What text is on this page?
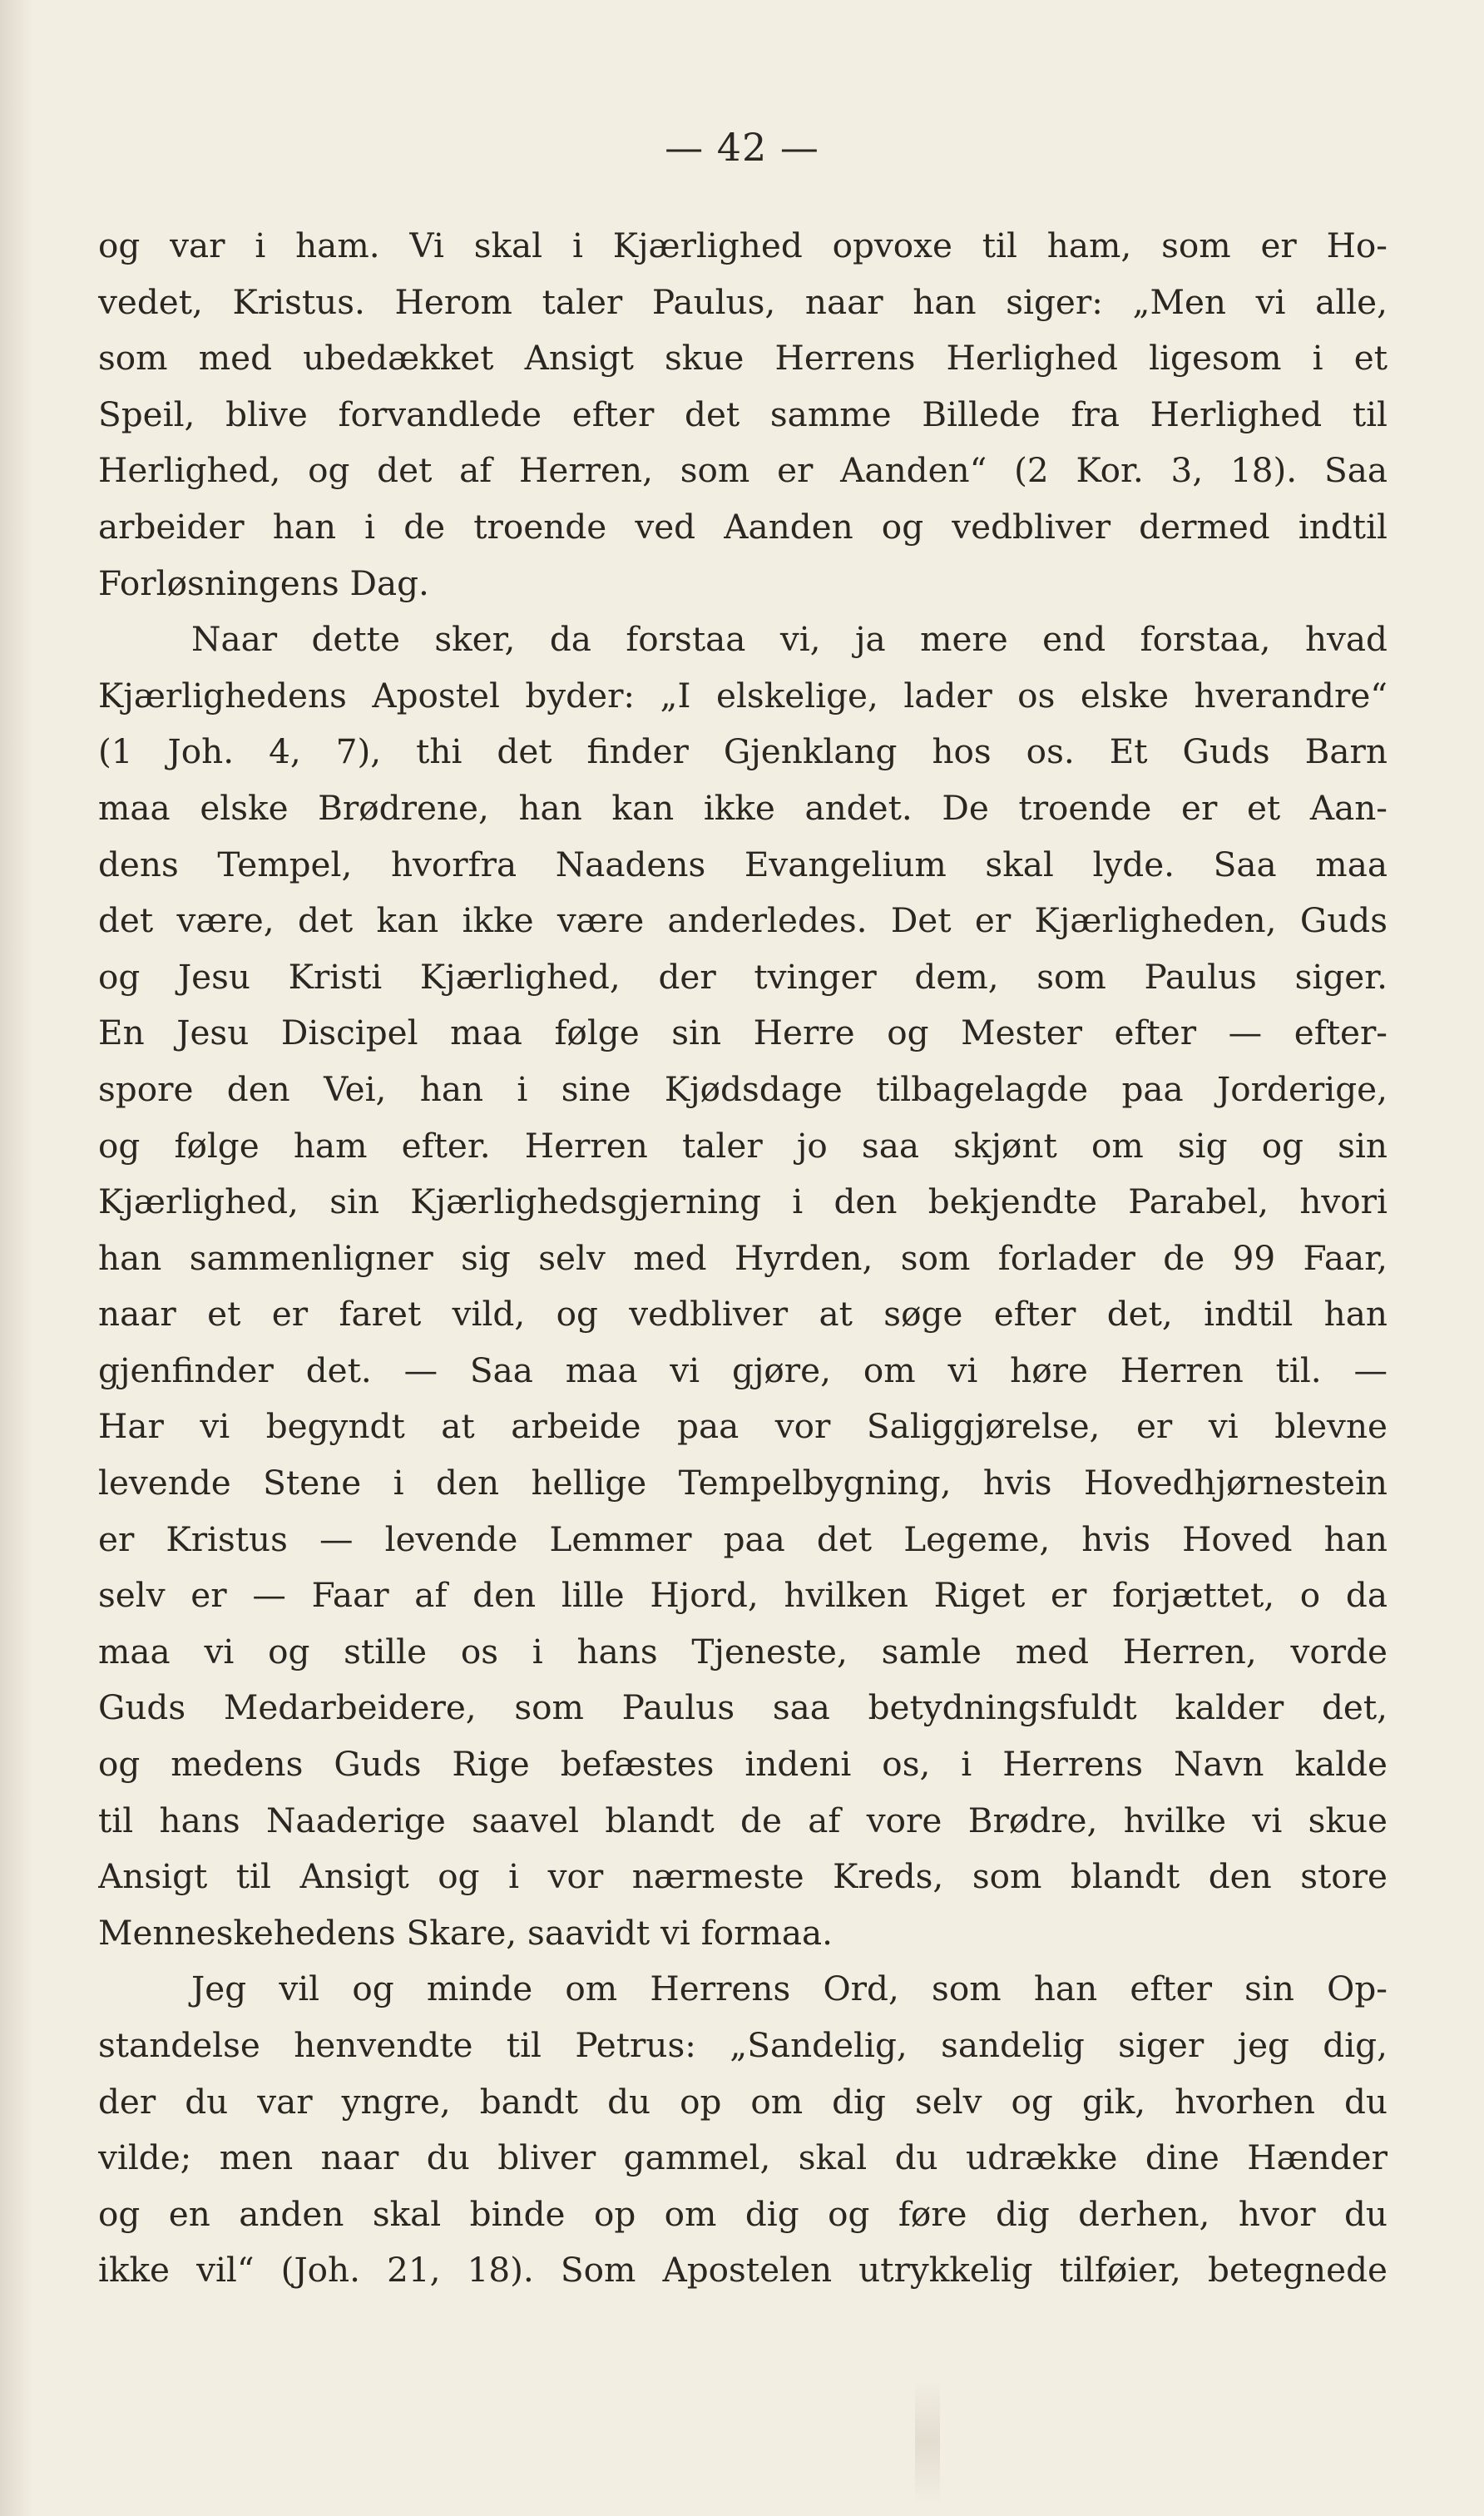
— 42 —
og var i ham. Vi skal i Kjærlighed opvoxe til ham, som er Ho-
vedet, Kristus. Herom taler Paulus, naar han siger: „Men vi alle,
som med ubedækket Ansigt skue Herrens Herlighed ligesom i et
Speil, blive forvandlede efter det samme Billede fra Herlighed til
Herlighed, og det af Herren, som er Aanden“ (2 Kor. 3, 18). Saa
arbeider han i de troende ved Aanden og vedbliver dermed indtil
Forløsningens Dag.
Naar dette sker, da forstaa vi, ja mere end forstaa, hvad
Kjærlighedens Apostel byder: „I elskelige, lader os elske hverandre“
(1 Joh. 4, 7), thi det finder Gjenklang hos os. Et Guds Barn
maa elske Brødrene, han kan ikke andet. De troende er et Aan-
dens Tempel, hvorfra Naadens Evangelium skal lyde. Saa maa
det være, det kan ikke være anderledes. Det er Kjærligheden, Guds
og Jesu Kristi Kjærlighed, der tvinger dem, som Paulus siger.
En Jesu Discipel maa følge sin Herre og Mester efter — efter-
spore den Vei, han i sine Kjødsdage tilbagelagde paa Jorderige,
og følge ham efter. Herren taler jo saa skjønt om sig og sin
Kjærlighed, sin Kjærlighedsgjerning i den bekjendte Parabel, hvori
han sammenligner sig selv med Hyrden, som forlader de 99 Faar,
naar et er faret vild, og vedbliver at søge efter det, indtil han
gjenfinder det. — Saa maa vi gjøre, om vi høre Herren til. —
Har vi begyndt at arbeide paa vor Saliggjørelse, er vi blevne
levende Stene i den hellige Tempelbygning, hvis Hovedhjørnestein
er Kristus — levende Lemmer paa det Legeme, hvis Hoved han
selv er — Faar af den lille Hjord, hvilken Riget er forjættet, o da
maa vi og stille os i hans Tjeneste, samle med Herren, vorde
Guds Medarbeidere, som Paulus saa betydningsfuldt kalder det,
og medens Guds Rige befæstes indeni os, i Herrens Navn kalde
til hans Naaderige saavel blandt de af vore Brødre, hvilke vi skue
Ansigt til Ansigt og i vor nærmeste Kreds, som blandt den store
Menneskehedens Skare, saavidt vi formaa.
Jeg vil og minde om Herrens Ord, som han efter sin Op-
standelse henvendte til Petrus: „Sandelig, sandelig siger jeg dig,
der du var yngre, bandt du op om dig selv og gik, hvorhen du
vilde; men naar du bliver gammel, skal du udrække dine Hænder
og en anden skal binde op om dig og føre dig derhen, hvor du
ikke vil“ (Joh. 21, 18). Som Apostelen utrykkelig tilføier, betegnede
